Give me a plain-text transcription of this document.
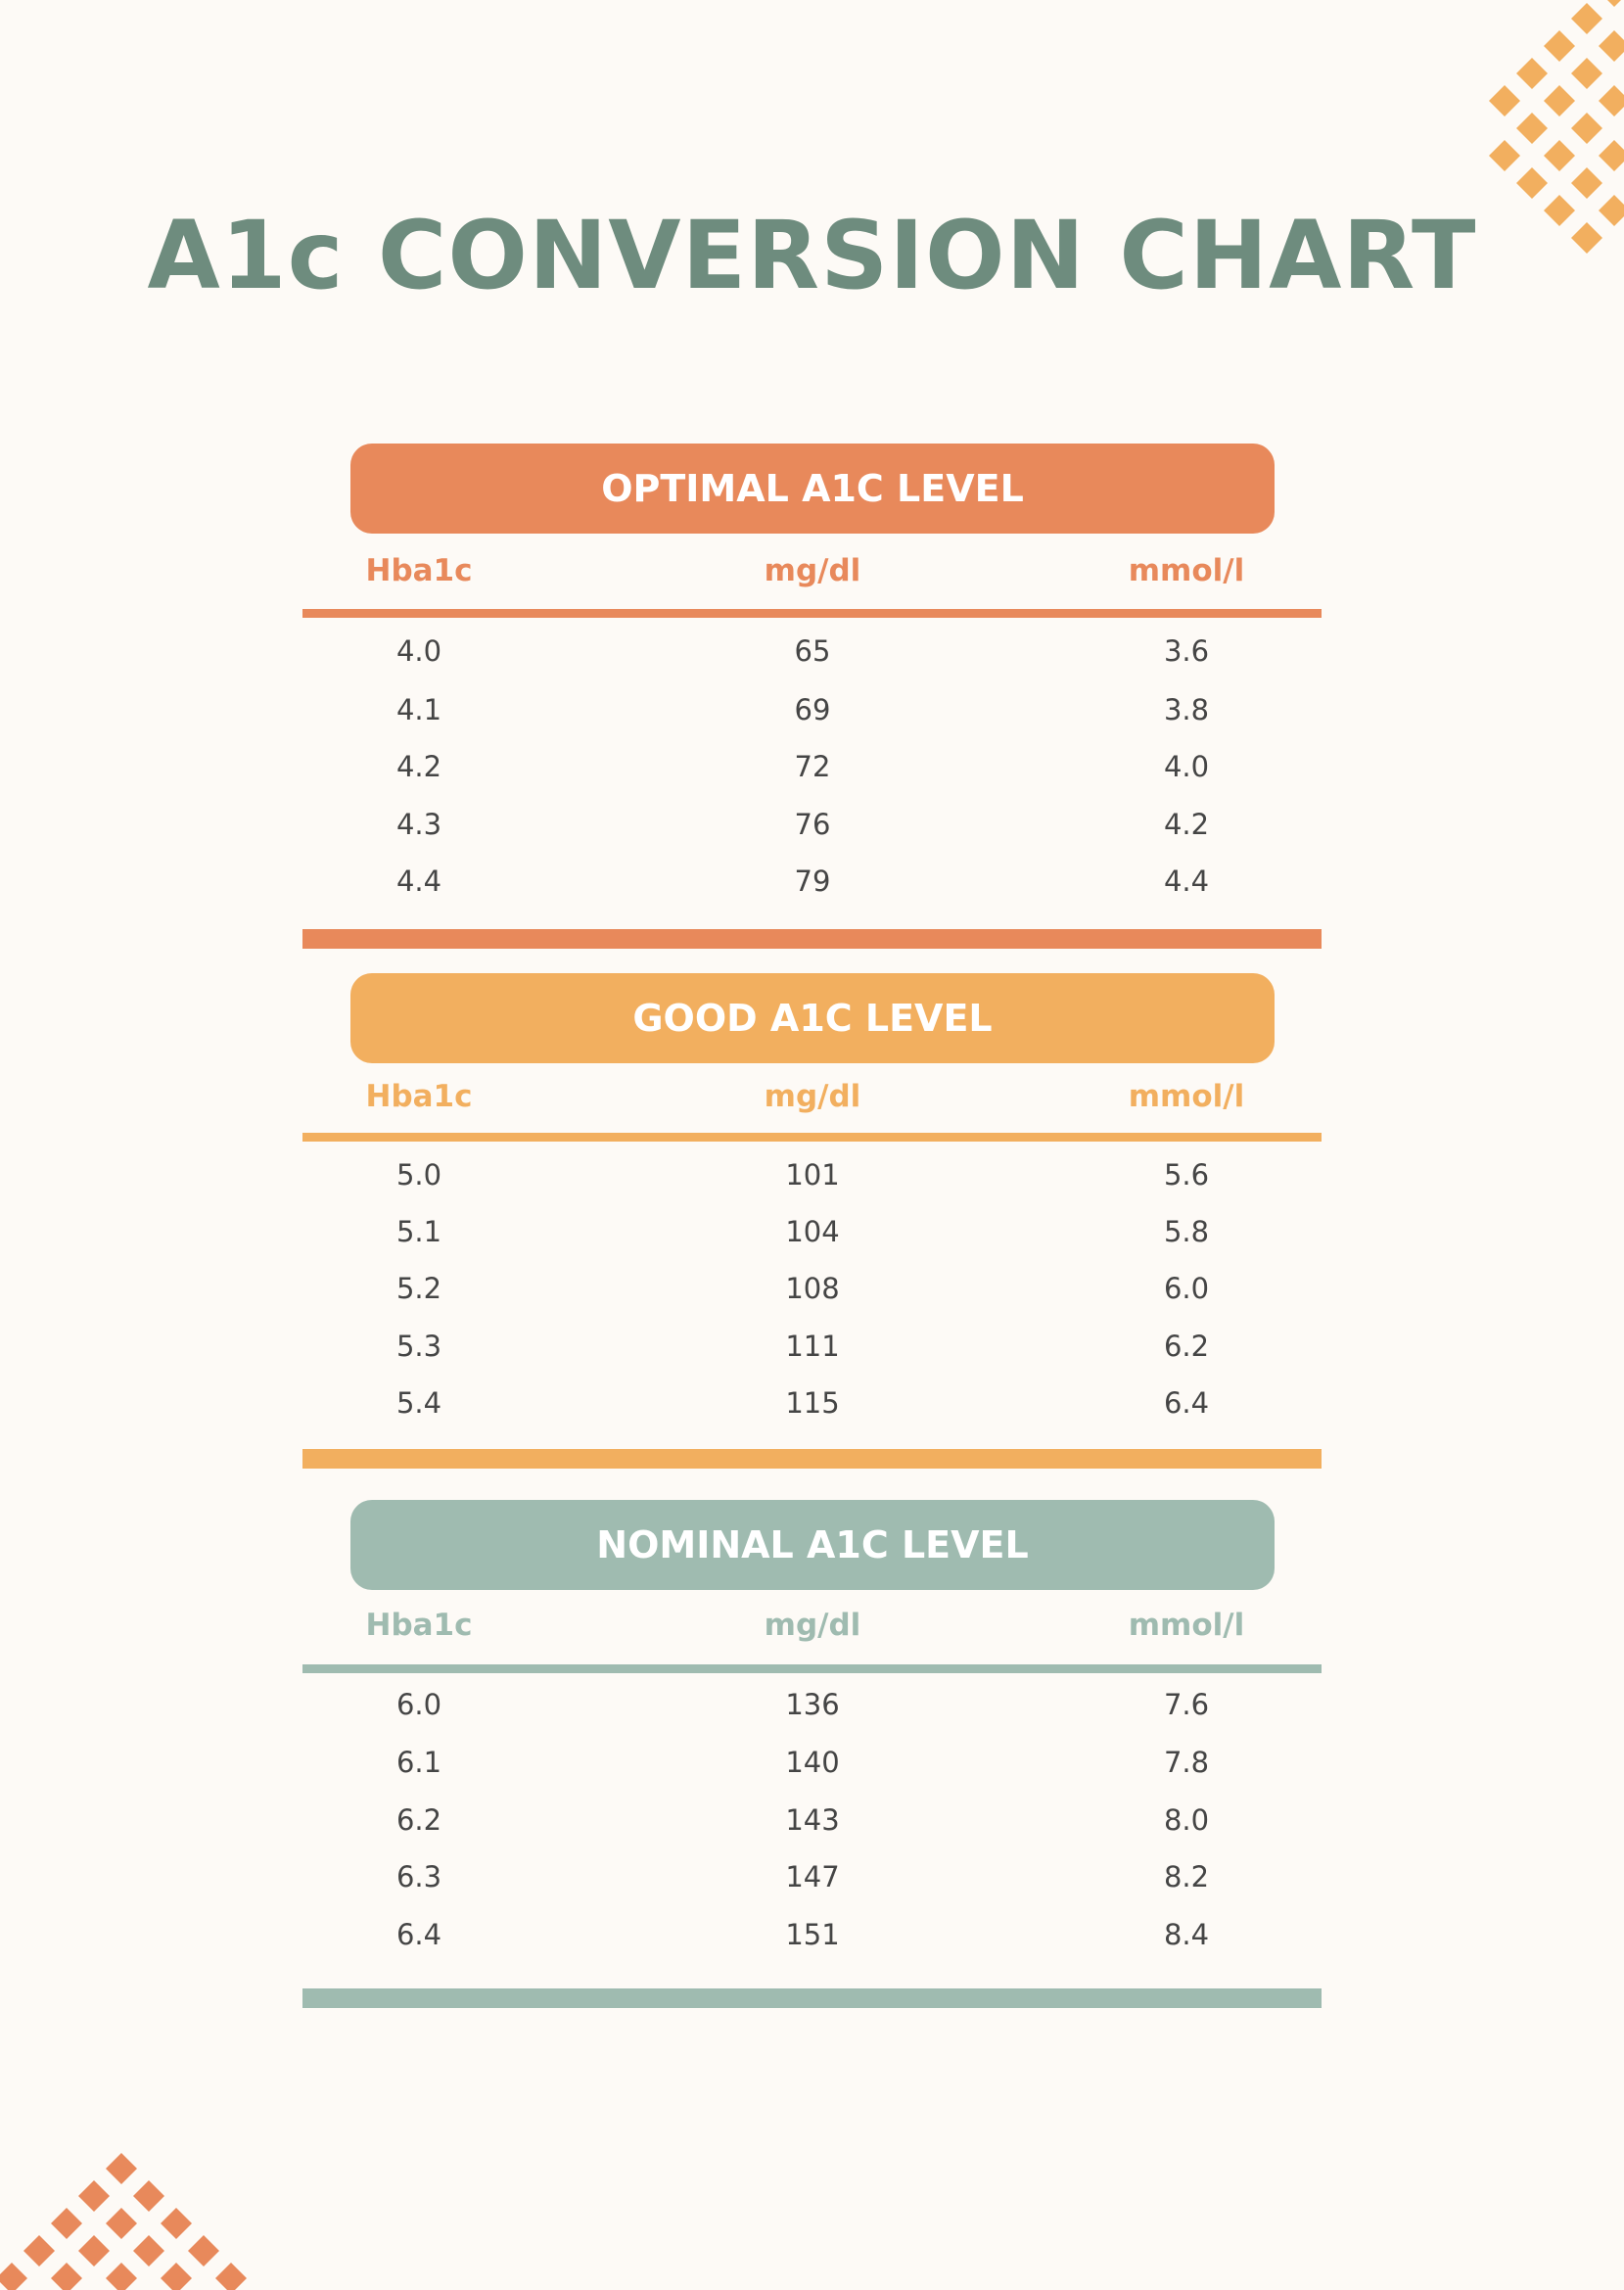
A1c CONVERSION CHART
OPTIMAL A1C LEVEL
Hba1c	mg/dl	mmol/l
4.0	65	3.6
4.1	69	3.8
4.2	72	4.0
4.3	76	4.2
4.4	79	4.4
GOOD A1C LEVEL
Hba1c	mg/dl	mmol/l
5.0	101	5.6
5.1	104	5.8
5.2	108	6.0
5.3	111	6.2
5.4	115	6.4
NOMINAL A1C LEVEL
Hba1c	mg/dl	mmol/l
6.0	136	7.6
6.1	140	7.8
6.2	143	8.0
6.3	147	8.2
6.4	151	8.4
